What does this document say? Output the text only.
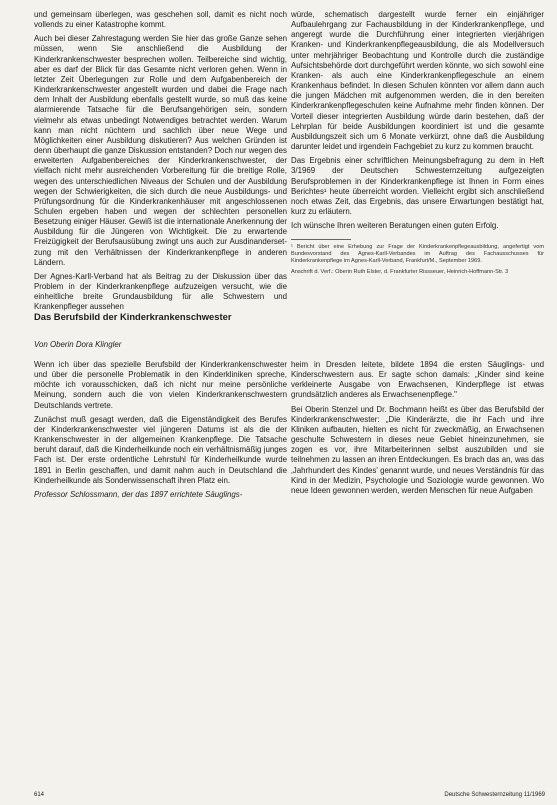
und gemeinsam überlegen, was geschehen soll, damit es nicht noch vollends zu einer Katastrophe kommt.

Auch bei dieser Zahrestagung werden Sie hier das große Ganze sehen müssen, wenn Sie anschließend die Ausbildung der Kinderkrankenschwester besprechen wollen. Teilbereiche sind wichtig, aber es darf der Blick für das Gesamte nicht verloren gehen. Wenn in letzter Zeit Überlegungen zur Rolle und dem Aufgabenbereich der Kinderkrankenschwester angestellt wurden und dabei die Frage nach dem Inhalt der Ausbildung ebenfalls gestellt wurde, so muß das keine alarmierende Tatsache für die Berufsangehörigen sein, sondern vielmehr als etwas unbedingt Notwendiges betrachtet werden. Warum kann man nicht nüchtern und sachlich über neue Wege und Möglichkeiten einer Ausbildung diskutieren? Aus welchen Gründen ist denn überhaupt die ganze Diskussion entstanden? Doch nur wegen des erweiterten Aufgabenbereiches der Kinderkrankenschwester, der vielfach nicht mehr ausreichenden Vorbereitung für die breitige Rolle, wegen des unterschiedlichen Niveaus der Schulen und der Ausbildung wegen der Schwierigkeiten, die sich durch die neue Ausbildungs- und Prüfungsordnung für die Kinderkrankenhäuser mit angeschlossenen Schulen ergeben haben und wegen der schlechten personellen Besetzung einiger Häuser. Gewiß ist die internationale Anerkennung der Ausbildung für die Jüngeren von Wichtigkeit. Die zu erwartende Freizügigkeit der Berufsausübung zwingt uns auch zur Ausdinandersetzung mit den Verhältnissen der Kinderkrankenpflege in anderen Ländern.

Der Agnes-Karll-Verband hat als Beitrag zu der Diskussion über das Problem in der Kinderkrankenpflege aufzuzeigen versucht, wie die einheitliche breite Grundausbildung für alle Schwestern und Krankenpfleger aussehen

würde, schematisch dargestellt wurde ferner ein einjähriger Aufbaulehrgang zur Fachausbildung in der Kinderkrankenpflege, und angeregt wurde die Durchführung einer integrierten vierjährigen Kranken- und Kinderkrankenpflegeausbildung, die als Modellversuch unter mehrjähriger Beobachtung und Kontrolle durch die zuständige Aufsichtsbehörde dort durchgeführt werden könnte, wo sich sowohl eine Kranken- als auch eine Kinderkrankenpflegeschule an einem Krankenhaus befindet. In diesen Schulen könnten vor allem dann auch die jungen Mädchen mit aufgenommen werden, die in den bereiten Kinderkrankenpflegeschulen keine Aufnahme mehr finden können. Der Vorteil dieser integrierten Ausbildung würde darin bestehen, daß der Lehrplan für beide Ausbildungen koordiniert ist und die gesamte Ausbildungszeit sich um 6 Monate verkürzt, ohne daß die Ausbildung darunter leidet und irgendein Fachgebiet zu kurz zu kommen braucht.

Das Ergebnis einer schriftlichen Meinungsbefragung zu dem in Heft 3/1969 der Deutschen Schwesternzeitung aufgezeigten Berufsproblemen in der Kinderkrankenpflege ist Ihnen in Form eines Berichtes¹ heute überreicht worden. Vielleicht ergibt sich anschließend noch etwas Zeit, das Ergebnis, das unsere Erwartungen bestätigt hat, kurz zu erläutern.

Ich wünsche Ihren weiteren Beratungen einen guten Erfolg.

¹ Bericht über eine Erhebung zur Frage der Kinderkrankenpflegeausbildung, angefertigt vom Bundesvorstand des Agnes-Karll-Verbandes im Auftrag des Fachausschusses für Kinderkrankenpflege im Agnes-Karll-Verband, Frankfurt/M., September 1969.

Anschrift d. Verf.: Oberin Ruth Elster, d. Frankfurter Rissseuer, Heinrich-Hoffmann-Str. 3

Das Berufsbild der Kinderkrankenschwester

Von Oberin Dora Klingler

Wenn ich über das spezielle Berufsbild der Kinderkrankenschwester und über die personelle Problematik in den Kinderkliniken spreche, möchte ich vorausschicken, daß ich nicht nur meine persönliche Meinung, sondern auch die von vielen Kinderkrankenschwestern Deutschlands vertrete.

Zunächst muß gesagt werden, daß die Eigenständigkeit des Berufes der Kinderkrankenschwester viel jüngeren Datums ist als die der Krankenschwester in der allgemeinen Krankenpflege. Die Tatsache beruht darauf, daß die Kinderheilkunde noch ein verhältnismäßig junges Fach ist. Der erste ordentliche Lehrstuhl für Kinderheilkunde wurde 1891 in Berlin geschaffen, und damit nahm auch in Deutschland die Kinderheilkunde als Sonderwissenschaft ihren Platz ein.

Professor Schlossmann, der das 1897 errichtete Säuglings-

heim in Dresden leitete, bildete 1894 die ersten Säuglings- und Kinderschwestern aus. Er sagte schon damals: „Kinder sind keine verkleinerte Ausgabe von Erwachsenen, Kinderpflege ist etwas grundsätzlich anderes als Erwachsenenpflege."

Bei Oberin Stenzel und Dr. Bochmann heißt es über das Berufsbild der Kinderkrankenschwester: „Die Kinderärzte, die ihr Fach und ihre Kliniken aufbauten, hielten es nicht für zweckmäßig, an Erwachsenen geschulte Schwestern in dieses neue Gebiet hineinzunehmen, sie zogen es vor, ihre Mitarbeiterinnen selbst auszubilden und sie teilnehmen zu lassen an ihren Entdeckungen. Es brach das an, was das ‚Jahrhundert des Kindes' genannt wurde, und neues Verständnis für das Kind in der Medizin, Psychologie und Soziologie wurde gewonnen. Wo neue Ideen gewonnen werden, werden Menschen für neue Aufgaben

614	Deutsche Schwesternzeitung 11/1969
